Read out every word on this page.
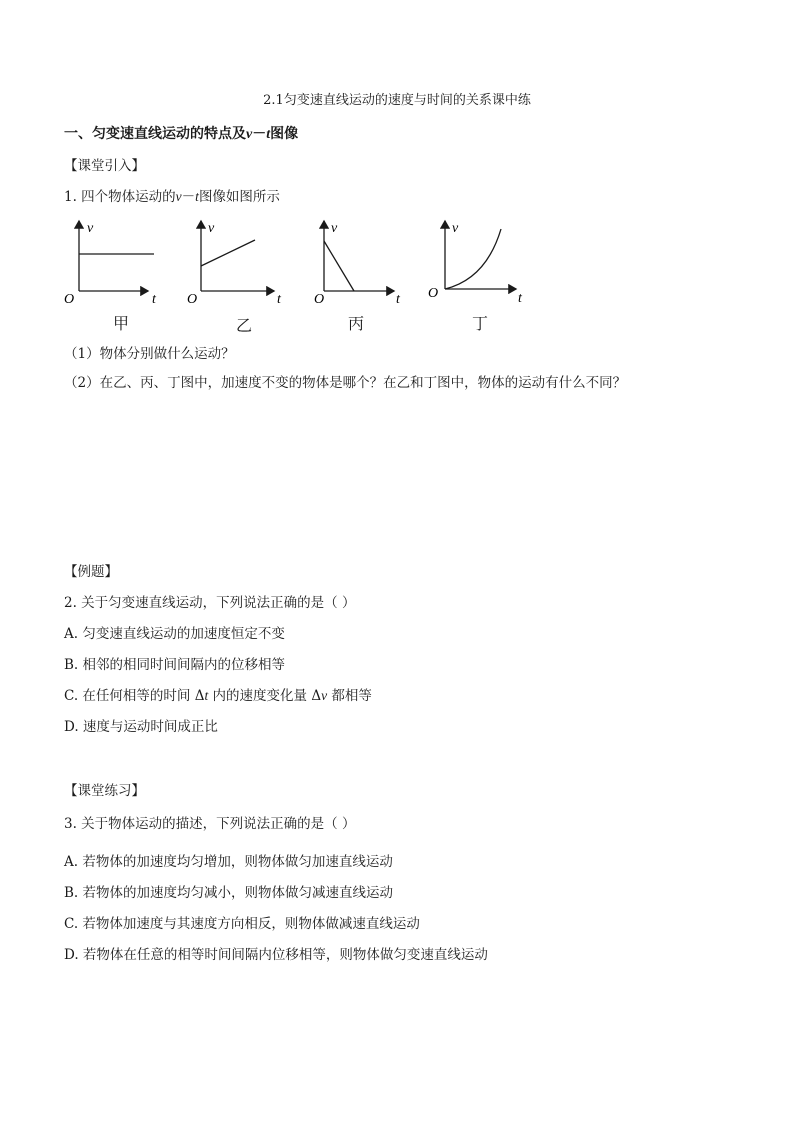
2.1匀变速直线运动的速度与时间的关系课中练
一、匀变速直线运动的特点及v－t图像
【课堂引入】
1. 四个物体运动的v－t图像如图所示
v
t
O
v
t
O
v
t
O
v
t
O
甲	乙	丙	丁
（1）物体分别做什么运动？
（2）在乙、丙、丁图中，加速度不变的物体是哪个？在乙和丁图中，物体的运动有什么不同？
【例题】
2. 关于匀变速直线运动，下列说法正确的是（ ）
A. 匀变速直线运动的加速度恒定不变
B. 相邻的相同时间间隔内的位移相等
C. 在任何相等的时间 Δt 内的速度变化量 Δv 都相等
D. 速度与运动时间成正比
【课堂练习】
3. 关于物体运动的描述，下列说法正确的是（ ）
A. 若物体的加速度均匀增加，则物体做匀加速直线运动
B. 若物体的加速度均匀减小，则物体做匀减速直线运动
C. 若物体加速度与其速度方向相反，则物体做减速直线运动
D. 若物体在任意的相等时间间隔内位移相等，则物体做匀变速直线运动
